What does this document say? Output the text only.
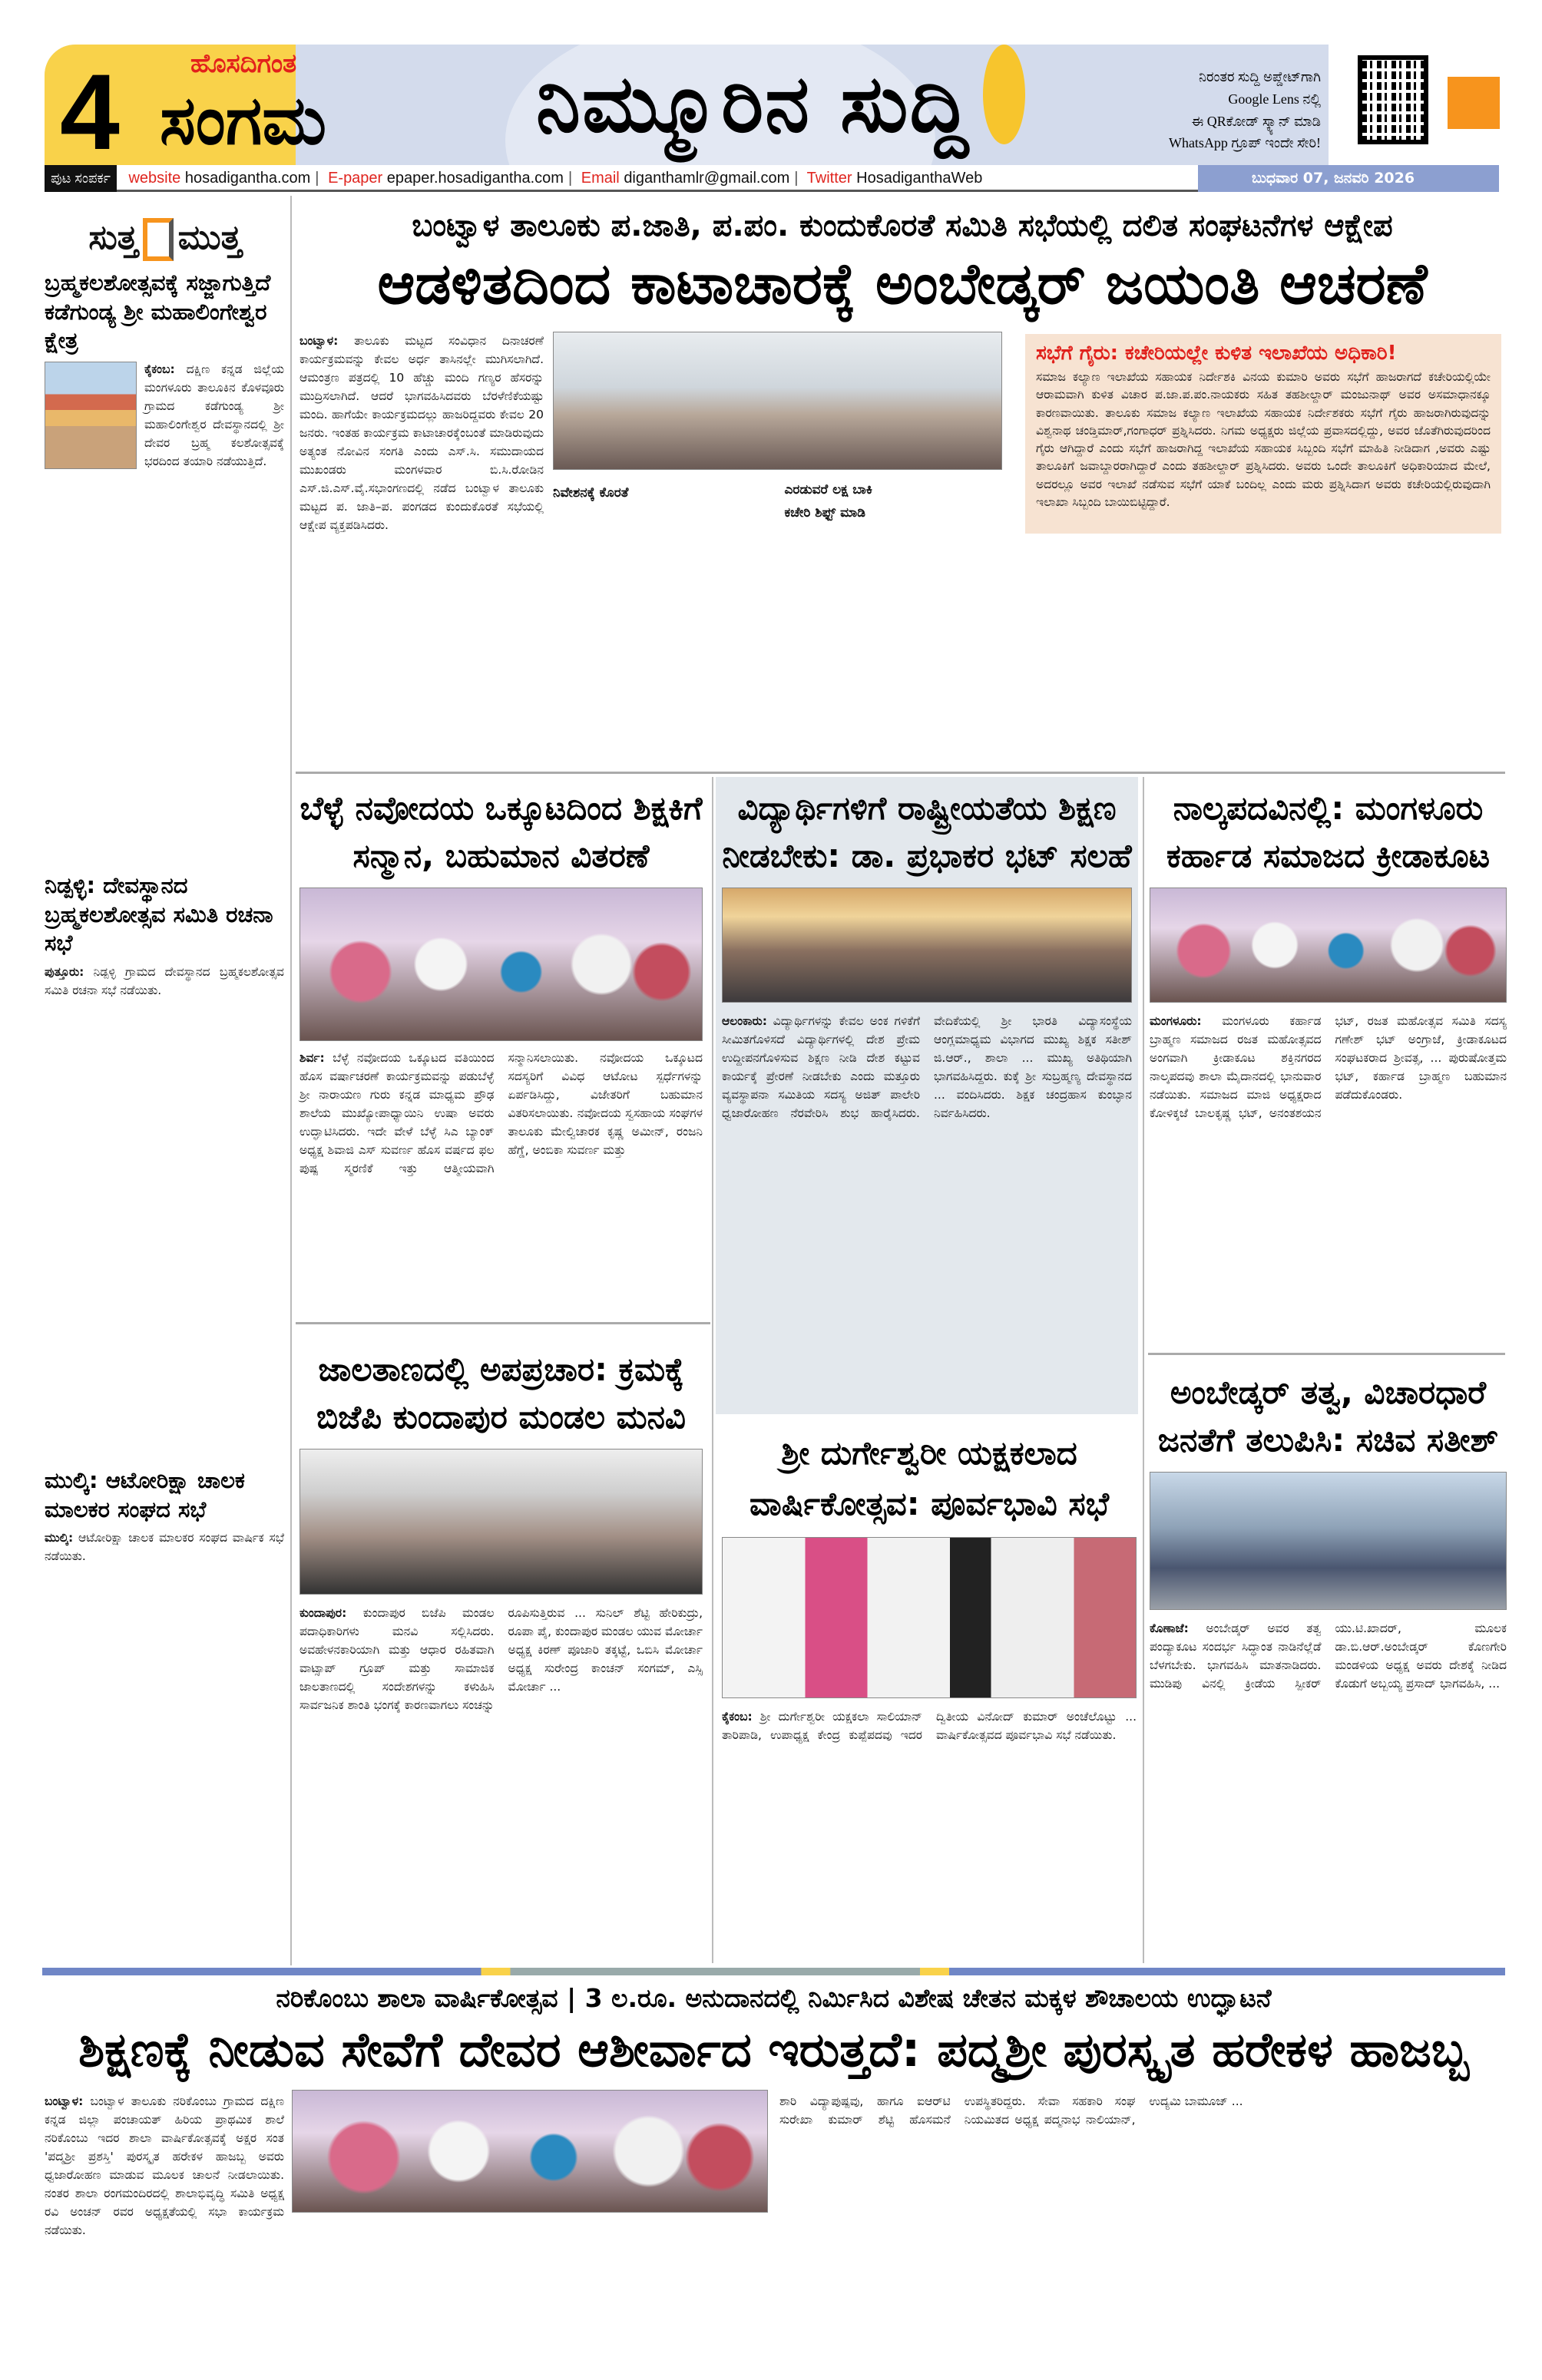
4	ಹೊಸದಿಗಂತ
ಸಂಗಮ	ನಿಮ್ಮೂರಿನ ಸುದ್ದಿ	ನಿರಂತರ ಸುದ್ದಿ ಅಪ್ಡೇಟ್‌ಗಾಗಿ
Google Lens ನಲ್ಲಿ
ಈ QRಕೋಡ್ ಸ್ಕ್ಯಾನ್ ಮಾಡಿ
WhatsApp ಗ್ರೂಪ್ ಇಂದೇ ಸೇರಿ!
ಪುಟ ಸಂಪರ್ಕ website hosadigantha.com | E-paper epaper.hosadigantha.com | Email diganthamlr@gmail.com | Twitter HosadiganthaWeb	ಬುಧವಾರ 07, ಜನವರಿ 2026
ಸುತ್ತ ಮುತ್ತ
ಬ್ರಹ್ಮಕಲಶೋತ್ಸವಕ್ಕೆ ಸಜ್ಜಾಗುತ್ತಿದೆ ಕಡೆಗುಂಡ್ಯ ಶ್ರೀ ಮಹಾಲಿಂಗೇಶ್ವರ ಕ್ಷೇತ್ರ

ಕೈಕಂಬ: ದಕ್ಷಿಣ ಕನ್ನಡ ಜಿಲ್ಲೆಯ ಮಂಗಳೂರು ತಾಲೂಕಿನ ಕೊಳವೂರು ಗ್ರಾಮದ ಕಡೆಗುಂಡ್ಯ ಶ್ರೀ ಮಹಾಲಿಂಗೇಶ್ವರ ದೇವಸ್ಥಾನದಲ್ಲಿ ಶ್ರೀ ದೇವರ ಬ್ರಹ್ಮ ಕಲಶೋತ್ಸವಕ್ಕೆ ಭರದಿಂದ ತಯಾರಿ ನಡೆಯುತ್ತಿದೆ.

ನಿಡ್ಪಳ್ಳಿ: ದೇವಸ್ಥಾನದ ಬ್ರಹ್ಮಕಲಶೋತ್ಸವ ಸಮಿತಿ ರಚನಾ ಸಭೆ

ಪುತ್ತೂರು: ನಿಡ್ಪಳ್ಳಿ ಗ್ರಾಮದ ದೇವಸ್ಥಾನದ ಬ್ರಹ್ಮಕಲಶೋತ್ಸವ ಸಮಿತಿ ರಚನಾ ಸಭೆ ನಡೆಯಿತು.

ಮುಲ್ಕಿ: ಆಟೋರಿಕ್ಷಾ ಚಾಲಕ ಮಾಲಕರ ಸಂಘದ ಸಭೆ

ಮುಲ್ಕಿ: ಆಟೋರಿಕ್ಷಾ ಚಾಲಕ ಮಾಲಕರ ಸಂಘದ ವಾರ್ಷಿಕ ಸಭೆ ನಡೆಯಿತು.

ಬಂಟ್ವಾಳ ತಾಲೂಕು ಪ.ಜಾತಿ, ಪ.ಪಂ. ಕುಂದುಕೊರತೆ ಸಮಿತಿ ಸಭೆಯಲ್ಲಿ ದಲಿತ ಸಂಘಟನೆಗಳ ಆಕ್ಷೇಪ
ಆಡಳಿತದಿಂದ ಕಾಟಾಚಾರಕ್ಕೆ ಅಂಬೇಡ್ಕರ್ ಜಯಂತಿ ಆಚರಣೆ
ಬಂಟ್ವಾಳ: ತಾಲೂಕು ಮಟ್ಟದ ಸಂವಿಧಾನ ದಿನಾಚರಣೆ ಕಾರ್ಯಕ್ರಮವನ್ನು ಕೇವಲ ಅರ್ಧ ತಾಸಿನಲ್ಲೇ ಮುಗಿಸಲಾಗಿದೆ. ಆಮಂತ್ರಣ ಪತ್ರದಲ್ಲಿ 10 ಹೆಚ್ಚು ಮಂದಿ ಗಣ್ಯರ ಹೆಸರನ್ನು ಮುದ್ರಿಸಲಾಗಿದೆ. ಆದರೆ ಭಾಗವಹಿಸಿದವರು ಬೆರಳೆಣಿಕೆಯಷ್ಟು ಮಂದಿ. ಹಾಗೆಯೇ ಕಾರ್ಯಕ್ರಮದಲ್ಲು ಹಾಜರಿದ್ದವರು ಕೇವಲ 20 ಜನರು. ಇಂತಹ ಕಾರ್ಯಕ್ರಮ ಕಾಟಾಚಾರಕ್ಕೆಂಬಂತೆ ಮಾಡಿರುವುದು ಅತ್ಯಂತ ನೋವಿನ ಸಂಗತಿ ಎಂದು ಎಸ್.ಸಿ. ಸಮುದಾಯದ ಮುಖಂಡರು ಮಂಗಳವಾರ ಬಿ.ಸಿ.ರೋಡಿನ ಎಸ್.ಜಿ.ಎಸ್.ವೈ.ಸಭಾಂಗಣದಲ್ಲಿ ನಡೆದ ಬಂಟ್ವಾಳ ತಾಲೂಕು ಮಟ್ಟದ ಪ. ಜಾತಿ–ಪ. ಪಂಗಡದ ಕುಂದುಕೊರತೆ ಸಭೆಯಲ್ಲಿ ಆಕ್ಷೇಪ ವ್ಯಕ್ತಪಡಿಸಿದರು.
ನಿವೇಶನಕ್ಕೆ ಕೊರತೆ	ಎರಡುವರೆ ಲಕ್ಷ ಬಾಕಿ
ಕಚೇರಿ ಶಿಫ್ಟ್ ಮಾಡಿ
ಸಭೆಗೆ ಗೈರು: ಕಚೇರಿಯಲ್ಲೇ ಕುಳಿತ ಇಲಾಖೆಯ ಅಧಿಕಾರಿ!

ಸಮಾಜ ಕಲ್ಯಾಣ ಇಲಾಖೆಯ ಸಹಾಯಕ ನಿರ್ದೇಶಕಿ ವಿನಯ ಕುಮಾರಿ ಅವರು ಸಭೆಗೆ ಹಾಜರಾಗದೆ ಕಚೇರಿಯಲ್ಲಿಯೇ ಆರಾಮವಾಗಿ ಕುಳಿತ ವಿಚಾರ ಪ.ಜಾ.ಪ.ಪಂ.ನಾಯಕರು ಸಹಿತ ತಹಶೀಲ್ದಾರ್ ಮಂಜುನಾಥ್ ಅವರ ಅಸಮಾಧಾನಕ್ಕೂ ಕಾರಣವಾಯಿತು. ತಾಲೂಕು ಸಮಾಜ ಕಲ್ಯಾಣ ಇಲಾಖೆಯ ಸಹಾಯಕ ನಿರ್ದೇಶಕರು ಸಭೆಗೆ ಗೈರು ಹಾಜರಾಗಿರುವುದನ್ನು ವಿಶ್ವನಾಥ ಚಂಡ್ತಿಮಾರ್,ಗಂಗಾಧರ್ ಪ್ರಶ್ನಿಸಿದರು. ನಿಗಮ ಅಧ್ಯಕ್ಷರು ಜಿಲ್ಲೆಯ ಪ್ರವಾಸದಲ್ಲಿದ್ದು, ಅವರ ಜೊತೆಗಿರುವುದರಿಂದ ಗೈರು ಆಗಿದ್ದಾರೆ ಎಂದು ಸಭೆಗೆ ಹಾಜರಾಗಿದ್ದ ಇಲಾಖೆಯ ಸಹಾಯಕ ಸಿಬ್ಬಂದಿ ಸಭೆಗೆ ಮಾಹಿತಿ ನೀಡಿದಾಗ ,ಅವರು ಎಷ್ಟು ತಾಲೂಕಿಗೆ ಜವಾಬ್ದಾರರಾಗಿದ್ದಾರೆ ಎಂದು ತಹಶೀಲ್ದಾರ್ ಪ್ರಶ್ನಿಸಿದರು. ಅವರು ಒಂದೇ ತಾಲೂಕಿಗೆ ಅಧಿಕಾರಿಯಾದ ಮೇಲೆ, ಅದರಲ್ಲೂ ಅವರ ಇಲಾಖೆ ನಡೆಸುವ ಸಭೆಗೆ ಯಾಕೆ ಬಂದಿಲ್ಲ ಎಂದು ಮರು ಪ್ರಶ್ನಿಸಿದಾಗ ಅವರು ಕಚೇರಿಯಲ್ಲಿರುವುದಾಗಿ ಇಲಾಖಾ ಸಿಬ್ಬಂದಿ ಬಾಯಿಬಿಟ್ಟಿದ್ದಾರೆ.

ಬೆಳ್ಳೆ ನವೋದಯ ಒಕ್ಕೂಟದಿಂದ ಶಿಕ್ಷಕಿಗೆ ಸನ್ಮಾನ, ಬಹುಮಾನ ವಿತರಣೆ
ಶಿರ್ವ: ಬೆಳ್ಳೆ ನವೋದಯ ಒಕ್ಕೂಟದ ವತಿಯಿಂದ ಹೊಸ ವರ್ಷಾಚರಣೆ ಕಾರ್ಯಕ್ರಮವನ್ನು ಪಡುಬೆಳ್ಳೆ ಶ್ರೀ ನಾರಾಯಣ ಗುರು ಕನ್ನಡ ಮಾಧ್ಯಮ ಪ್ರೌಢ ಶಾಲೆಯ ಮುಖ್ಯೋಪಾಧ್ಯಾಯಿನಿ ಉಷಾ ಅವರು ಉದ್ಘಾಟಿಸಿದರು. ಇದೇ ವೇಳೆ ಬೆಳ್ಳೆ ಸಿಎ ಬ್ಯಾಂಕ್ ಅಧ್ಯಕ್ಷ ಶಿವಾಜಿ ಎಸ್ ಸುವರ್ಣ ಹೊಸ ವರ್ಷದ ಫಲ ಪುಷ್ಪ ಸ್ಮರಣಿಕೆ ಇತ್ತು ಆತ್ಮೀಯವಾಗಿ ಸನ್ಮಾನಿಸಲಾಯಿತು. ನವೋದಯ ಒಕ್ಕೂಟದ ಸದಸ್ಯರಿಗೆ ವಿವಿಧ ಆಟೋಟ ಸ್ಪರ್ಧೆಗಳನ್ನು ಏರ್ಪಡಿಸಿದ್ದು, ವಿಜೇತರಿಗೆ ಬಹುಮಾನ ವಿತರಿಸಲಾಯಿತು. ನವೋದಯ ಸ್ವಸಹಾಯ ಸಂಘಗಳ ತಾಲೂಕು ಮೇಲ್ವಿಚಾರಕ ಕೃಷ್ಣ ಅಮೀನ್, ರಂಜನಿ ಹೆಗ್ಡೆ, ಅಂಬಿಕಾ ಸುವರ್ಣ ಮತ್ತು
ವಿದ್ಯಾರ್ಥಿಗಳಿಗೆ ರಾಷ್ಟ್ರೀಯತೆಯ ಶಿಕ್ಷಣ ನೀಡಬೇಕು: ಡಾ. ಪ್ರಭಾಕರ ಭಟ್ ಸಲಹೆ
ಆಲಂಕಾರು: ವಿದ್ಯಾರ್ಥಿಗಳನ್ನು ಕೇವಲ ಅಂಕ ಗಳಿಕೆಗೆ ಸೀಮಿತಗೊಳಿಸದೆ ವಿದ್ಯಾರ್ಥಿಗಳಲ್ಲಿ ದೇಶ ಪ್ರೇಮ ಉದ್ದೀಪನಗೊಳಿಸುವ ಶಿಕ್ಷಣ ನೀಡಿ ದೇಶ ಕಟ್ಟುವ ಕಾರ್ಯಕ್ಕೆ ಪ್ರೇರಣೆ ನೀಡಬೇಕು ಎಂದು ಮತ್ತೂರು ವ್ಯವಸ್ಥಾಪನಾ ಸಮಿತಿಯ ಸದಸ್ಯ ಅಜಿತ್ ಪಾಲೇರಿ ಧ್ವಜಾರೋಹಣ ನೆರವೇರಿಸಿ ಶುಭ ಹಾರೈಸಿದರು. ವೇದಿಕೆಯಲ್ಲಿ ಶ್ರೀ ಭಾರತಿ ವಿದ್ಯಾಸಂಸ್ಥೆಯ ಆಂಗ್ಲಮಾಧ್ಯಮ ವಿಭಾಗದ ಮುಖ್ಯ ಶಿಕ್ಷಕ ಸತೀಶ್ ಜಿ.ಆರ್., ಶಾಲಾ ... ಮುಖ್ಯ ಅತಿಥಿಯಾಗಿ ಭಾಗವಹಿಸಿದ್ದರು. ಕುಕ್ಕೆ ಶ್ರೀ ಸುಬ್ರಹ್ಮಣ್ಯ ದೇವಸ್ಥಾನದ ... ವಂದಿಸಿದರು. ಶಿಕ್ಷಕ ಚಂದ್ರಹಾಸ ಕುಂಬ್ಳಾನ ನಿರ್ವಹಿಸಿದರು.
ನಾಲ್ಕಪದವಿನಲ್ಲಿ: ಮಂಗಳೂರು ಕರ್ಹಾಡ ಸಮಾಜದ ಕ್ರೀಡಾಕೂಟ
ಮಂಗಳೂರು: ಮಂಗಳೂರು ಕರ್ಹಾಡ ಬ್ರಾಹ್ಮಣ ಸಮಾಜದ ರಜತ ಮಹೋತ್ಸವದ ಅಂಗವಾಗಿ ಕ್ರೀಡಾಕೂಟ ಶಕ್ತಿನಗರದ ನಾಲ್ಕಪದವು ಶಾಲಾ ಮೈದಾನದಲ್ಲಿ ಭಾನುವಾರ ನಡೆಯಿತು. ಸಮಾಜದ ಮಾಜಿ ಅಧ್ಯಕ್ಷರಾದ ಕೋಳಿಕ್ಕಜೆ ಬಾಲಕೃಷ್ಣ ಭಟ್, ಅನಂತಶಯನ ಭಟ್, ರಜತ ಮಹೋತ್ಸವ ಸಮಿತಿ ಸದಸ್ಯ ಗಣೇಶ್ ಭಟ್ ಅಂಗ್ರಾಜೆ, ಕ್ರೀಡಾಕೂಟದ ಸಂಘಟಕರಾದ ಶ್ರೀವತ್ಸ, ... ಪುರುಷೋತ್ತಮ ಭಟ್, ಕರ್ಹಾಡ ಬ್ರಾಹ್ಮಣ ಬಹುಮಾನ ಪಡೆದುಕೊಂಡರು.
ಜಾಲತಾಣದಲ್ಲಿ ಅಪಪ್ರಚಾರ: ಕ್ರಮಕ್ಕೆ ಬಿಜೆಪಿ ಕುಂದಾಪುರ ಮಂಡಲ ಮನವಿ
ಕುಂದಾಪುರ: ಕುಂದಾಪುರ ಬಿಜೆಪಿ ಮಂಡಲ ಪದಾಧಿಕಾರಿಗಳು ಮನವಿ ಸಲ್ಲಿಸಿದರು. ಅವಹೇಳನಕಾರಿಯಾಗಿ ಮತ್ತು ಆಧಾರ ರಹಿತವಾಗಿ ವಾಟ್ಸಾಪ್ ಗ್ರೂಪ್ ಮತ್ತು ಸಾಮಾಜಿಕ ಜಾಲತಾಣದಲ್ಲಿ ಸಂದೇಶಗಳನ್ನು ಕಳುಹಿಸಿ ಸಾರ್ವಜನಿಕ ಶಾಂತಿ ಭಂಗಕ್ಕೆ ಕಾರಣವಾಗಲು ಸಂಚನ್ನು ರೂಪಿಸುತ್ತಿರುವ ... ಸುನಿಲ್ ಶೆಟ್ಟಿ ಹೇರಿಕುದ್ರು, ರೂಪಾ ಪೈ, ಕುಂದಾಪುರ ಮಂಡಲ ಯುವ ಮೋರ್ಚಾ ಅಧ್ಯಕ್ಷ ಕಿರಣ್ ಪೂಜಾರಿ ತಕ್ಕಟ್ಟೆ, ಒಬಿಸಿ ಮೋರ್ಚಾ ಅಧ್ಯಕ್ಷ ಸುರೇಂದ್ರ ಕಾಂಚನ್ ಸಂಗಮ್, ಎಸ್ಸಿ ಮೋರ್ಚಾ ...
ಶ್ರೀ ದುರ್ಗೇಶ್ವರೀ ಯಕ್ಷಕಲಾದ ವಾರ್ಷಿಕೋತ್ಸವ: ಪೂರ್ವಭಾವಿ ಸಭೆ
ಕೈಕಂಬ: ಶ್ರೀ ದುರ್ಗೇಶ್ವರೀ ಯಕ್ಷಕಲಾ ಸಾಲಿಯಾನ್ ತಾರಿಪಾಡಿ, ಉಪಾಧ್ಯಕ್ಷ ಕೇಂದ್ರ ಕುಪ್ಪೆಪದವು ಇದರ ದ್ವಿತೀಯ ವಿನೋದ್ ಕುಮಾರ್ ಅಂಚೆಲೊಟ್ಟು ... ವಾರ್ಷಿಕೋತ್ಸವದ ಪೂರ್ವಭಾವಿ ಸಭೆ ನಡೆಯಿತು.
ಅಂಬೇಡ್ಕರ್ ತತ್ವ, ವಿಚಾರಧಾರೆ ಜನತೆಗೆ ತಲುಪಿಸಿ: ಸಚಿವ ಸತೀಶ್
ಕೊಣಾಜೆ: ಅಂಬೇಡ್ಕರ್ ಅವರ ತತ್ವ ಪಂದ್ಯಾಕೂಟ ಸಂದರ್ಭ ಸಿದ್ಧಾಂತ ನಾಡಿನೆಲ್ಲೆಡೆ ಬೆಳಗಬೇಕು. ಭಾಗವಹಿಸಿ ಮಾತನಾಡಿದರು. ಮುಡಿಪು ವಿನಲ್ಲಿ ಕ್ರೀಡೆಯ ಸ್ಪೀಕರ್ ಯು.ಟಿ.ಖಾದರ್, ಮೂಲಕ ಡಾ.ಬಿ.ಆರ್.ಅಂಬೇಡ್ಕರ್ ಕೊಣಗೇರಿ ಮಂಡಳಿಯ ಅಧ್ಯಕ್ಷ ಅವರು ದೇಶಕ್ಕೆ ನೀಡಿದ ಕೊಡುಗೆ ಅಬ್ಬಯ್ಯ ಪ್ರಸಾದ್ ಭಾಗವಹಿಸಿ, ...
ನರಿಕೊಂಬು ಶಾಲಾ ವಾರ್ಷಿಕೋತ್ಸವ | 3 ಲ.ರೂ. ಅನುದಾನದಲ್ಲಿ ನಿರ್ಮಿಸಿದ ವಿಶೇಷ ಚೇತನ ಮಕ್ಕಳ ಶೌಚಾಲಯ ಉದ್ಘಾಟನೆ
ಶಿಕ್ಷಣಕ್ಕೆ ನೀಡುವ ಸೇವೆಗೆ ದೇವರ ಆಶೀರ್ವಾದ ಇರುತ್ತದೆ: ಪದ್ಮಶ್ರೀ ಪುರಸ್ಕೃತ ಹರೇಕಳ ಹಾಜಬ್ಬ
ಬಂಟ್ವಾಳ: ಬಂಟ್ವಾಳ ತಾಲೂಕು ನರಿಕೊಂಬು ಗ್ರಾಮದ ದಕ್ಷಿಣ ಕನ್ನಡ ಜಿಲ್ಲಾ ಪಂಚಾಯತ್ ಹಿರಿಯ ಪ್ರಾಥಮಿಕ ಶಾಲೆ ನರಿಕೊಂಬು ಇದರ ಶಾಲಾ ವಾರ್ಷಿಕೋತ್ಸವಕ್ಕೆ ಅಕ್ಷರ ಸಂತ 'ಪದ್ಮಶ್ರೀ ಪ್ರಶಸ್ತಿ' ಪುರಸ್ಕೃತ ಹರೇಕಳ ಹಾಜಬ್ಬ ಅವರು ಧ್ವಜಾರೋಹಣ ಮಾಡುವ ಮೂಲಕ ಚಾಲನೆ ನೀಡಲಾಯಿತು. ನಂತರ ಶಾಲಾ ರಂಗಮಂದಿರದಲ್ಲಿ ಶಾಲಾಭಿವೃದ್ಧಿ ಸಮಿತಿ ಅಧ್ಯಕ್ಷ ರವಿ ಅಂಚನ್ ರವರ ಅಧ್ಯಕ್ಷತೆಯಲ್ಲಿ ಸಭಾ ಕಾರ್ಯಕ್ರಮ ನಡೆಯಿತು.
ಶಾರಿ ವಿದ್ಯಾಪುಷ್ಪವು, ಹಾಗೂ ಐಆರ್‌ಟಿ ಸುರೇಖಾ ಕುಮಾರ್ ಶೆಟ್ಟಿ ಹೊಸಮನೆ ಉಪಸ್ಥಿತರಿದ್ದರು. ಸೇವಾ ಸಹಕಾರಿ ಸಂಘ ನಿಯಮಿತದ ಅಧ್ಯಕ್ಷ ಪದ್ಮನಾಭ ನಾಲಿಯಾನ್, ಉದ್ಯಮಿ ಬಾಮೂಜ್ ...
